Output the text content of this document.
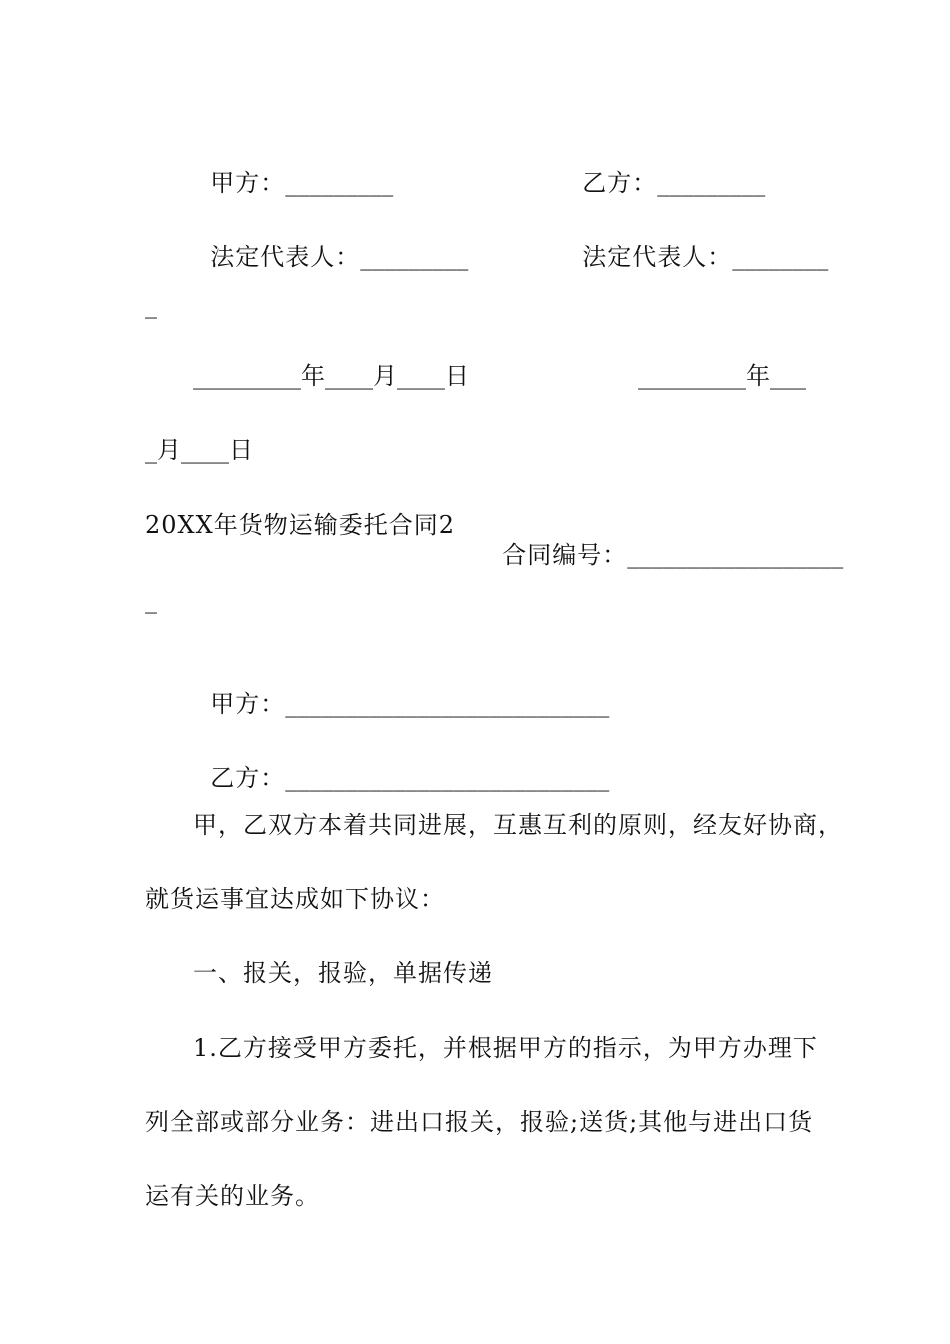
甲方：_________	乙方：_________

法定代表人：_________	法定代表人：________

_
_________年____月____日	_________年___
_月____日
20XX年货物运输委托合同2

合同编号：__________________

_

甲方：___________________________

乙方：___________________________

甲，乙双方本着共同进展，互惠互利的原则，经友好协商，
就货运事宜达成如下协议：
一、报关，报验，单据传递
1.乙方接受甲方委托，并根据甲方的指示，为甲方办理下
列全部或部分业务：进出口报关，报验;送货;其他与进出口货
运有关的业务。
